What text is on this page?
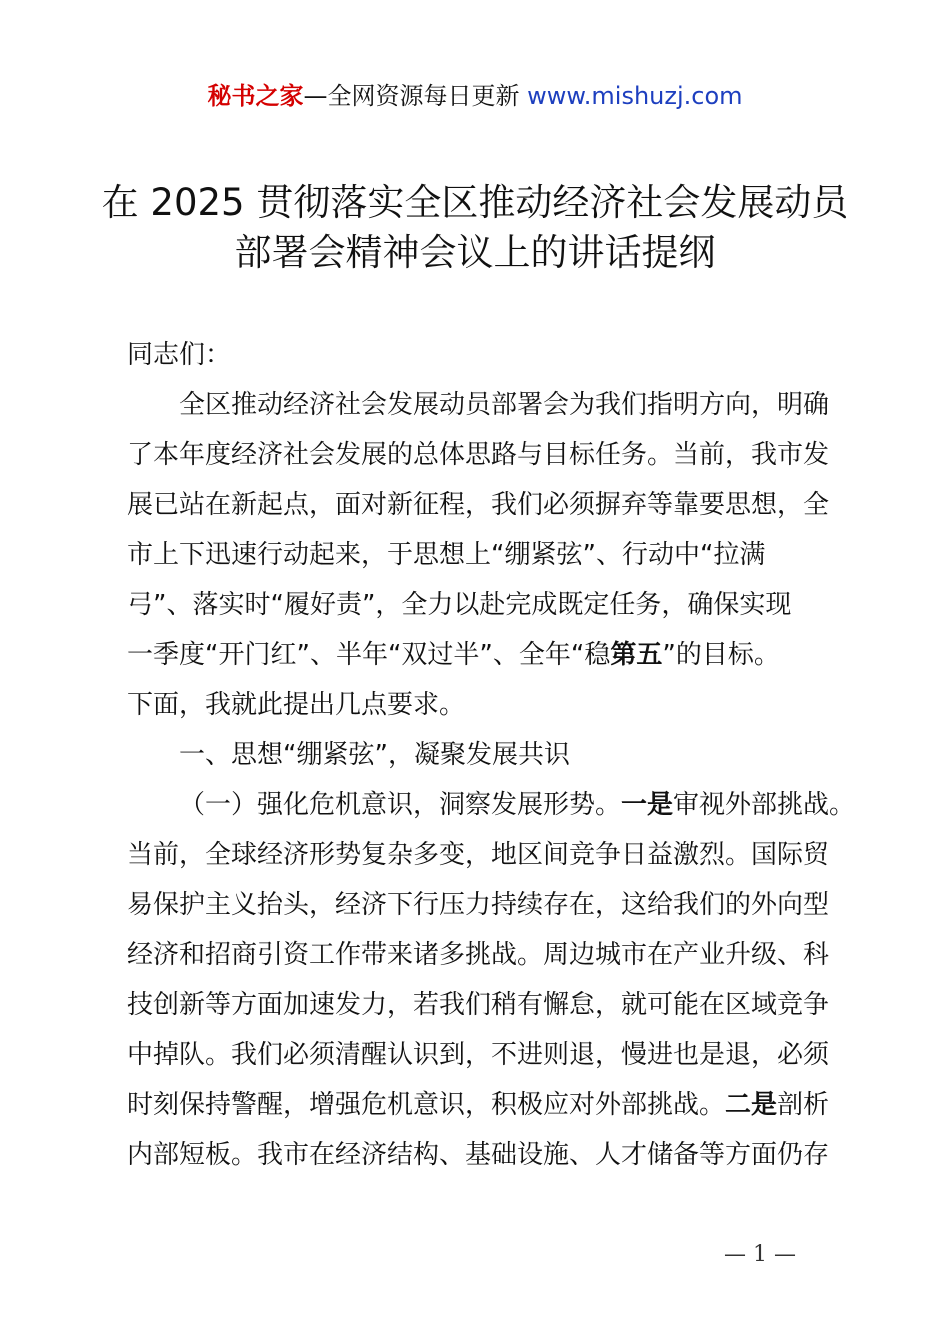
秘书之家—全网资源每日更新 www.mishuzj.com
在 2025 贯彻落实全区推动经济社会发展动员
部署会精神会议上的讲话提纲
同志们：
全区推动经济社会发展动员部署会为我们指明方向，明确
了本年度经济社会发展的总体思路与目标任务。当前，我市发
展已站在新起点，面对新征程，我们必须摒弃等靠要思想，全
市上下迅速行动起来，于思想上“绷紧弦”、行动中“拉满
弓”、落实时“履好责”，全力以赴完成既定任务，确保实现
一季度“开门红”、半年“双过半”、全年“稳第五”的目标。
下面，我就此提出几点要求。
一、思想“绷紧弦”，凝聚发展共识
（一）强化危机意识，洞察发展形势。一是审视外部挑战。
当前，全球经济形势复杂多变，地区间竞争日益激烈。国际贸
易保护主义抬头，经济下行压力持续存在，这给我们的外向型
经济和招商引资工作带来诸多挑战。周边城市在产业升级、科
技创新等方面加速发力，若我们稍有懈怠，就可能在区域竞争
中掉队。我们必须清醒认识到，不进则退，慢进也是退，必须
时刻保持警醒，增强危机意识，积极应对外部挑战。二是剖析
内部短板。我市在经济结构、基础设施、人才储备等方面仍存
— 1 —
